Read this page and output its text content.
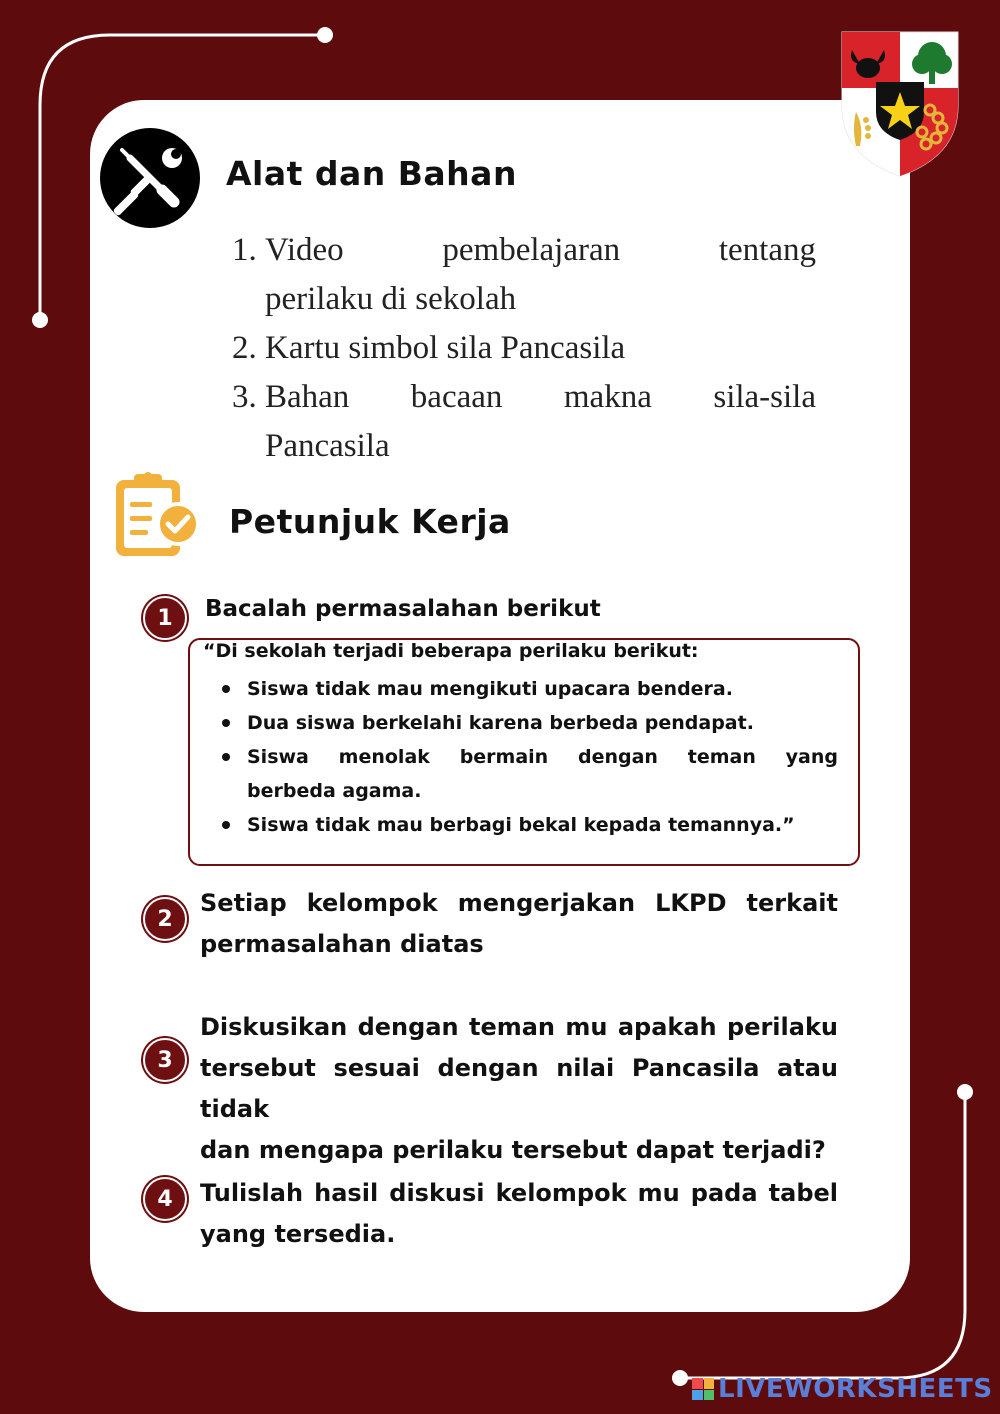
Alat dan Bahan
1. Video pembelajaran tentang
perilaku di sekolah
2. Kartu simbol sila Pancasila
3. Bahan bacaan makna sila-sila
Pancasila
Petunjuk Kerja
1	Bacalah permasalahan berikut
“Di sekolah terjadi beberapa perilaku berikut:
Siswa tidak mau mengikuti upacara bendera.
Dua siswa berkelahi karena berbeda pendapat.
Siswa menolak bermain dengan teman yang
berbeda agama.
Siswa tidak mau berbagi bekal kepada temannya.”
2
Setiap kelompok mengerjakan LKPD terkait
permasalahan diatas
3
Diskusikan dengan teman mu apakah perilaku
tersebut sesuai dengan nilai Pancasila atau tidak
dan mengapa perilaku tersebut dapat terjadi?
4	Tulislah hasil diskusi kelompok mu pada tabel
yang tersedia.
LIVEWORKSHEETS
